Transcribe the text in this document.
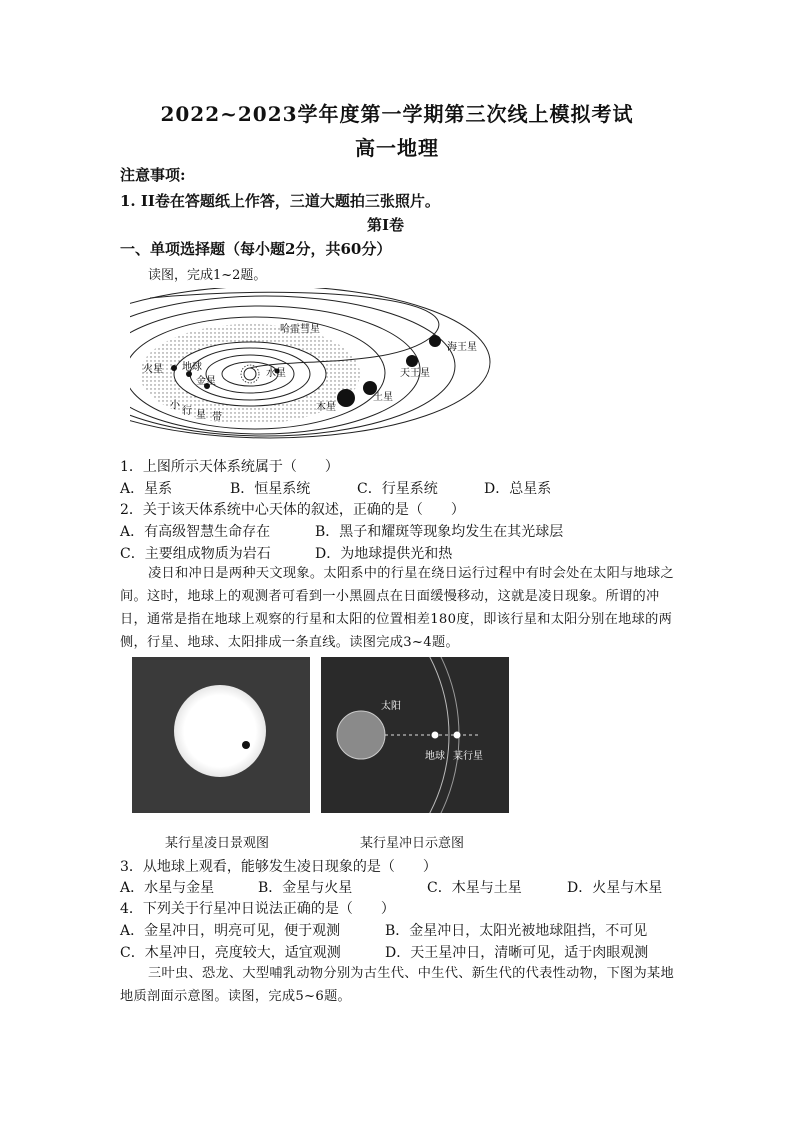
2022~2023学年度第一学期第三次线上模拟考试
高一地理
注意事项:
1. II卷在答题纸上作答，三道大题拍三张照片。
第I卷
一、单项选择题（每小题2分，共60分）
读图，完成1~2题。
哈雷彗星
海王星
天王星
土星
木星
火星 地球
金星
水星
小
行 星 带
1．上图所示天体系统属于（　　）
A．星系	B．恒星系统	C．行星系统	D．总星系
2．关于该天体系统中心天体的叙述，正确的是（　　）
A．有高级智慧生命存在	B．黑子和耀斑等现象均发生在其光球层
C．主要组成物质为岩石	D．为地球提供光和热
凌日和冲日是两种天文现象。太阳系中的行星在绕日运行过程中有时会处在太阳与地球之间。这时，地球上的观测者可看到一小黑圆点在日面缓慢移动，这就是凌日现象。所谓的冲日，通常是指在地球上观察的行星和太阳的位置相差180度，即该行星和太阳分别在地球的两侧，行星、地球、太阳排成一条直线。读图完成3~4题。
太阳
地球 某行星
某行星凌日景观图	某行星冲日示意图
3．从地球上观看，能够发生凌日现象的是（　　）
A．水星与金星	B．金星与火星	C．木星与土星	D．火星与木星
4．下列关于行星冲日说法正确的是（　　）
A．金星冲日，明亮可见，便于观测	B．金星冲日，太阳光被地球阻挡，不可见
C．木星冲日，亮度较大，适宜观测	D．天王星冲日，清晰可见，适于肉眼观测
三叶虫、恐龙、大型哺乳动物分别为古生代、中生代、新生代的代表性动物，下图为某地地质剖面示意图。读图，完成5~6题。
